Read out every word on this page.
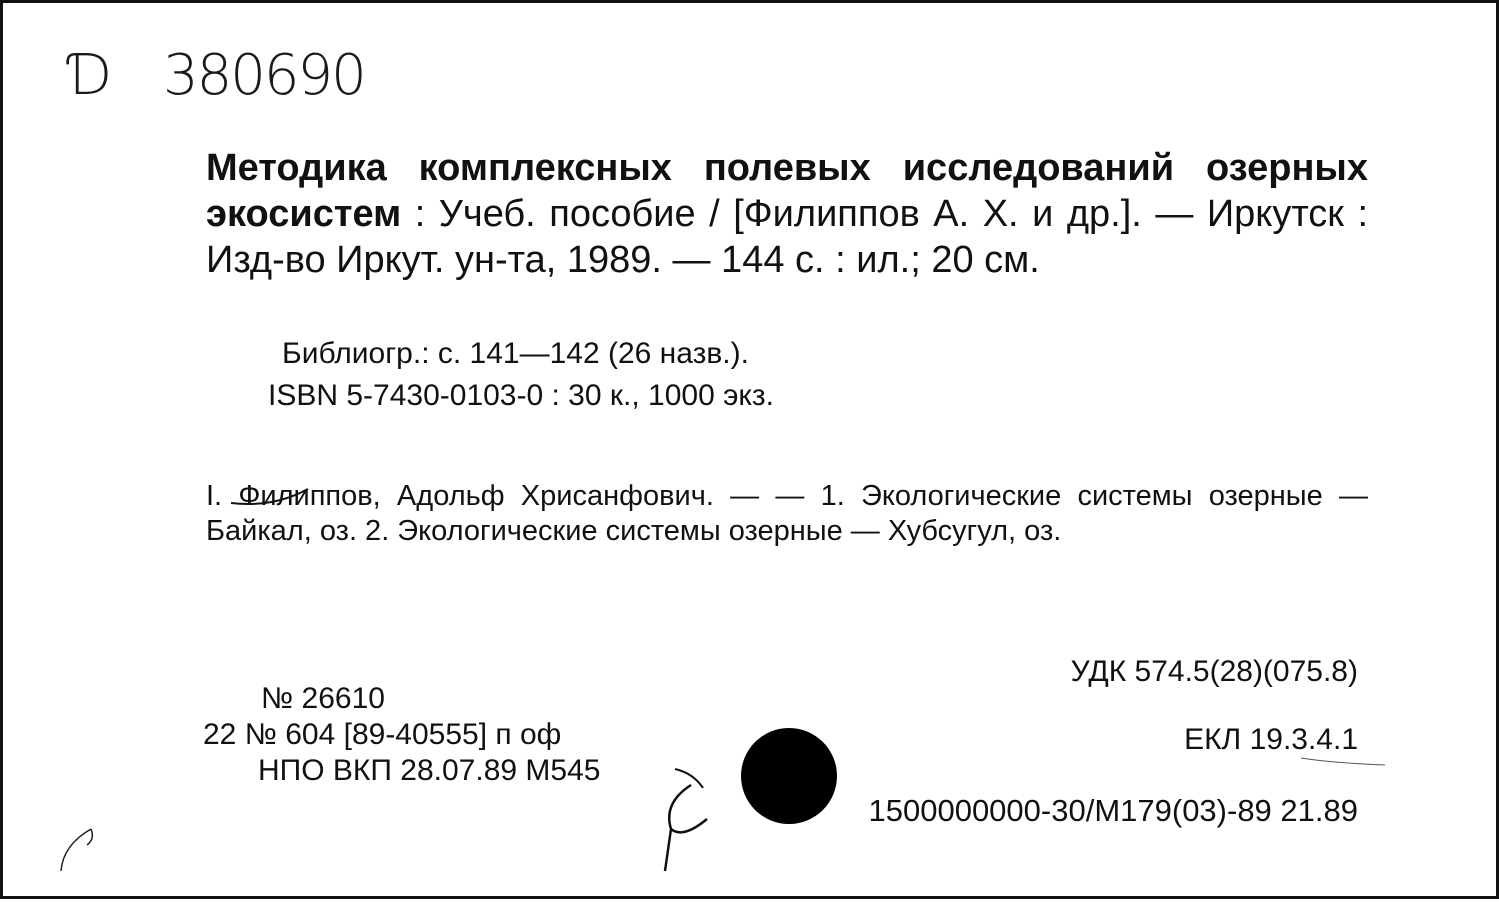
Ɗ 380690
Методика комплексных полевых исследований озерных экосистем : Учеб. пособие / [Филиппов А. Х. и др.]. — Иркутск : Изд-во Иркут. ун-та, 1989. — 144 с. : ил.; 20 см.
Библиогр.: с. 141—142 (26 назв.).
ISBN 5-7430-0103-0 : 30 к., 1000 экз.
I. Филиппов, Адольф Хрисанфович. — — 1. Экологические системы озерные — Байкал, оз. 2. Экологические системы озерные — Хубсугул, оз.
УДК 574.5(28)(075.8)
ЕКЛ 19.3.4.1
№ 26610
22 № 604 [89-40555] п оф
НПО ВКП 28.07.89 М545
1500000000-30/М179(03)-89 21.89
